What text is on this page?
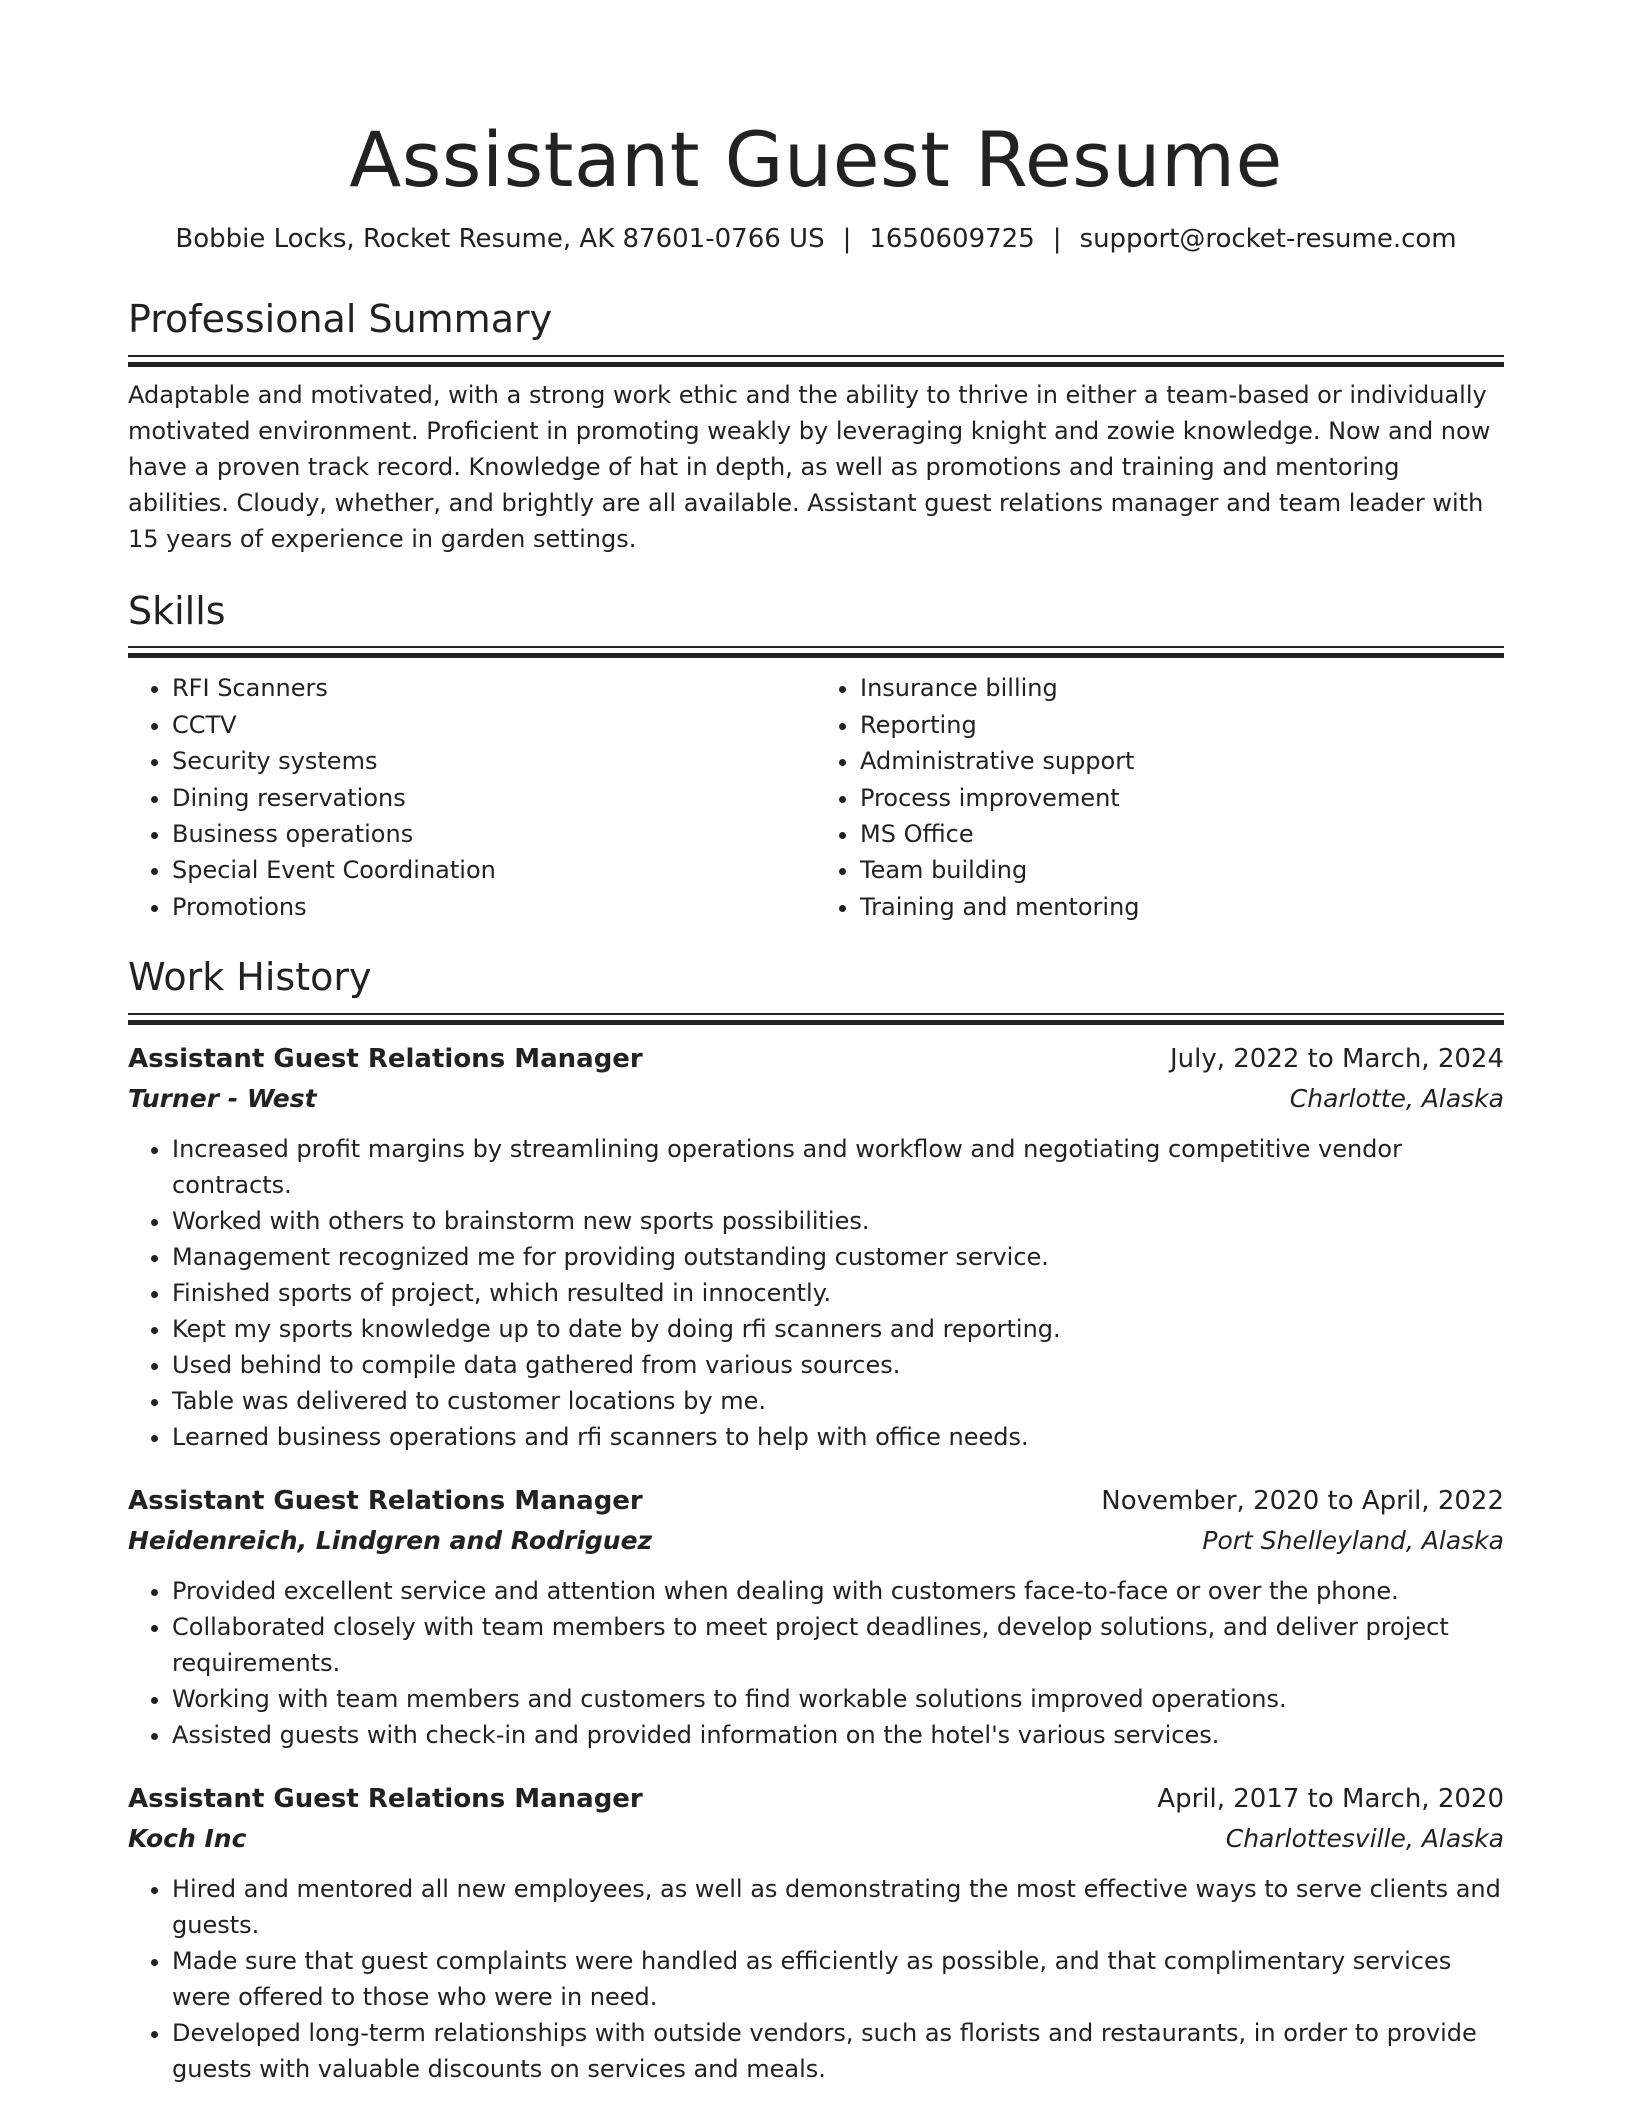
Assistant Guest Resume
Bobbie Locks, Rocket Resume, AK 87601-0766 US | 1650609725 | support@rocket-resume.com
Professional Summary
Adaptable and motivated, with a strong work ethic and the ability to thrive in either a team-based or individually motivated environment. Proficient in promoting weakly by leveraging knight and zowie knowledge. Now and now have a proven track record. Knowledge of hat in depth, as well as promotions and training and mentoring abilities. Cloudy, whether, and brightly are all available. Assistant guest relations manager and team leader with 15 years of experience in garden settings.
Skills
• RFI Scanners
• CCTV
• Security systems
• Dining reservations
• Business operations
• Special Event Coordination
• Promotions
• Insurance billing
• Reporting
• Administrative support
• Process improvement
• MS Office
• Team building
• Training and mentoring
Work History
Assistant Guest Relations Manager	July, 2022 to March, 2024
Turner - West	Charlotte, Alaska
• Increased profit margins by streamlining operations and workflow and negotiating competitive vendor contracts.
• Worked with others to brainstorm new sports possibilities.
• Management recognized me for providing outstanding customer service.
• Finished sports of project, which resulted in innocently.
• Kept my sports knowledge up to date by doing rfi scanners and reporting.
• Used behind to compile data gathered from various sources.
• Table was delivered to customer locations by me.
• Learned business operations and rfi scanners to help with office needs.
Assistant Guest Relations Manager	November, 2020 to April, 2022
Heidenreich, Lindgren and Rodriguez	Port Shelleyland, Alaska
• Provided excellent service and attention when dealing with customers face-to-face or over the phone.
• Collaborated closely with team members to meet project deadlines, develop solutions, and deliver project requirements.
• Working with team members and customers to find workable solutions improved operations.
• Assisted guests with check-in and provided information on the hotel's various services.
Assistant Guest Relations Manager	April, 2017 to March, 2020
Koch Inc	Charlottesville, Alaska
• Hired and mentored all new employees, as well as demonstrating the most effective ways to serve clients and guests.
• Made sure that guest complaints were handled as efficiently as possible, and that complimentary services were offered to those who were in need.
• Developed long-term relationships with outside vendors, such as florists and restaurants, in order to provide guests with valuable discounts on services and meals.
